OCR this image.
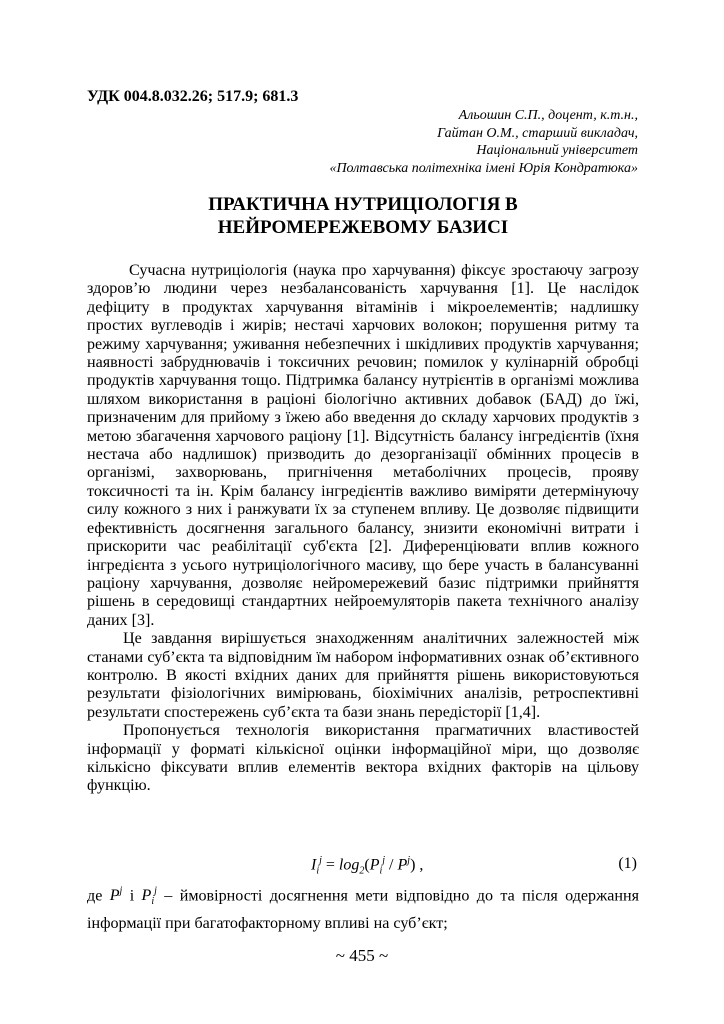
УДК 004.8.032.26; 517.9; 681.3
Альошин С.П., доцент, к.т.н.,
Гайтан О.М., старший викладач,
Національний університет
«Полтавська політехніка імені Юрія Кондратюка»
ПРАКТИЧНА НУТРИЦІОЛОГІЯ В
НЕЙРОМЕРЕЖЕВОМУ БАЗИСІ

Сучасна нутриціологія (наука про харчування) фіксує зростаючу загрозу здоров’ю людини через незбалансованість харчування [1]. Це наслідок дефіциту в продуктах харчування вітамінів і мікроелементів; надлишку простих вуглеводів і жирів; нестачі харчових волокон; порушення ритму та режиму харчування; уживання небезпечних і шкідливих продуктів харчування; наявності забруднювачів і токсичних речовин; помилок у кулінарній обробці продуктів харчування тощо. Підтримка балансу нутрієнтів в організмі можлива шляхом використання в раціоні біологічно активних добавок (БАД) до їжі, призначеним для прийому з їжею або введення до складу харчових продуктів з метою збагачення харчового раціону [1]. Відсутність балансу інгредієнтів (їхня нестача або надлишок) призводить до дезорганізації обмінних процесів в організмі, захворювань, пригнічення метаболічних процесів, прояву токсичності та ін. Крім балансу інгредієнтів важливо виміряти детермінуючу силу кожного з них і ранжувати їх за ступенем впливу. Це дозволяє підвищити ефективність досягнення загального балансу, знизити економічні витрати і прискорити час реабілітації суб'єкта [2]. Диференціювати вплив кожного інгредієнта з усього нутриціологічного масиву, що бере участь в балансуванні раціону харчування, дозволяє нейромережевий базис підтримки прийняття рішень в середовищі стандартних нейроемуляторів пакета технічного аналізу даних [3].

Це завдання вирішується знаходженням аналітичних залежностей між станами суб’єкта та відповідним їм набором інформативних ознак об’єктивного контролю. В якості вхідних даних для прийняття рішень використовуються результати фізіологічних вимірювань, біохімічних аналізів, ретроспективні результати спостережень суб’єкта та бази знань передісторії [1,4].

Пропонується технологія використання прагматичних властивостей інформації у форматі кількісної оцінки інформаційної міри, що дозволяє кількісно фіксувати вплив елементів вектора вхідних факторів на цільову функцію.

$I_i^j = \log_2(P_i^j / P^j)$ ,	(1)

де $P^j$ і $P_i^j$ – ймовірності досягнення мети відповідно до та після одержання інформації при багатофакторному впливі на суб’єкт;

~ 455 ~
